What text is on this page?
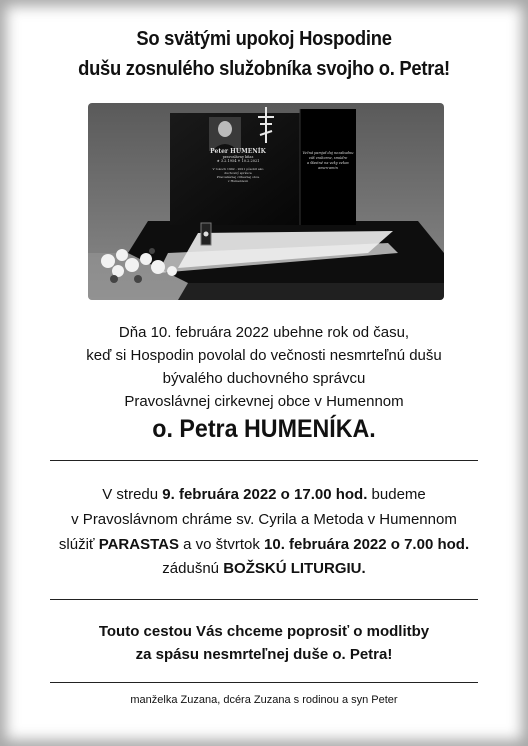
So svätými upokoj Hospodine
dušu zosnulého služobníka svojho o. Petra!
Peter HUMENÍK
pravoslávny kňaz
★ 3.2.1954 ✝ 10.2.2021
V rokoch 1992 - 2021 pôsobil ako
duchovný správca
Pravoslávnej cirkevnej obce
v Humennom
Večná pamjať daj nezabudnu
váš vnútorne, smúdre
a šťastné na veky vekov
amen-amin
Dňa 10. februára 2022 ubehne rok od času,
keď si Hospodin povolal do večnosti nesmrteľnú dušu
bývalého duchovného správcu
Pravoslávnej cirkevnej obce v Humennom
o. Petra HUMENÍKA.
V stredu 9. februára 2022 o 17.00 hod. budeme
v Pravoslávnom chráme sv. Cyrila a Metoda v Humennom
slúžiť PARASTAS a vo štvrtok 10. februára 2022 o 7.00 hod.
zádušnú BOŽSKÚ LITURGIU.
Touto cestou Vás chceme poprosiť o modlitby
za spásu nesmrteľnej duše o. Petra!
manželka Zuzana, dcéra Zuzana s rodinou a syn Peter
